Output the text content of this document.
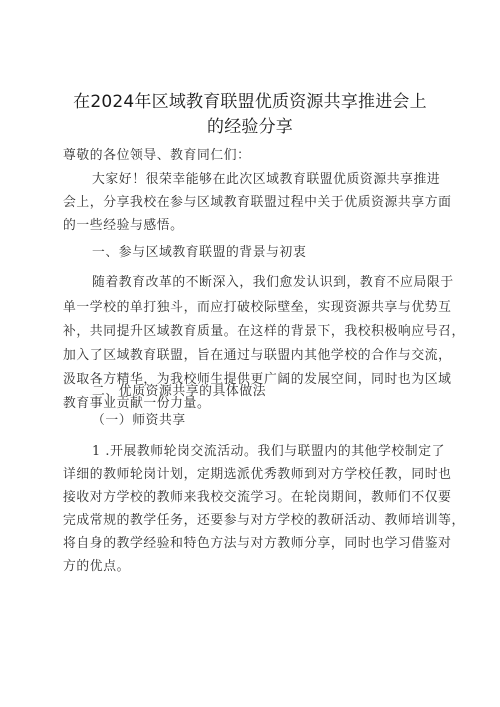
在2024年区域教育联盟优质资源共享推进会上
的经验分享
尊敬的各位领导、教育同仁们：
大家好！很荣幸能够在此次区域教育联盟优质资源共享推进
会上，分享我校在参与区域教育联盟过程中关于优质资源共享方面
的一些经验与感悟。
一、参与区域教育联盟的背景与初衷
随着教育改革的不断深入，我们愈发认识到，教育不应局限于
单一学校的单打独斗，而应打破校际壁垒，实现资源共享与优势互
补，共同提升区域教育质量。在这样的背景下，我校积极响应号召，
加入了区域教育联盟，旨在通过与联盟内其他学校的合作与交流，
汲取各方精华，为我校师生提供更广阔的发展空间，同时也为区域
教育事业贡献一份力量。
二、优质资源共享的具体做法
（一）师资共享
1 .开展教师轮岗交流活动。我们与联盟内的其他学校制定了
详细的教师轮岗计划，定期选派优秀教师到对方学校任教，同时也
接收对方学校的教师来我校交流学习。在轮岗期间，教师们不仅要
完成常规的教学任务，还要参与对方学校的教研活动、教师培训等，
将自身的教学经验和特色方法与对方教师分享，同时也学习借鉴对
方的优点。
